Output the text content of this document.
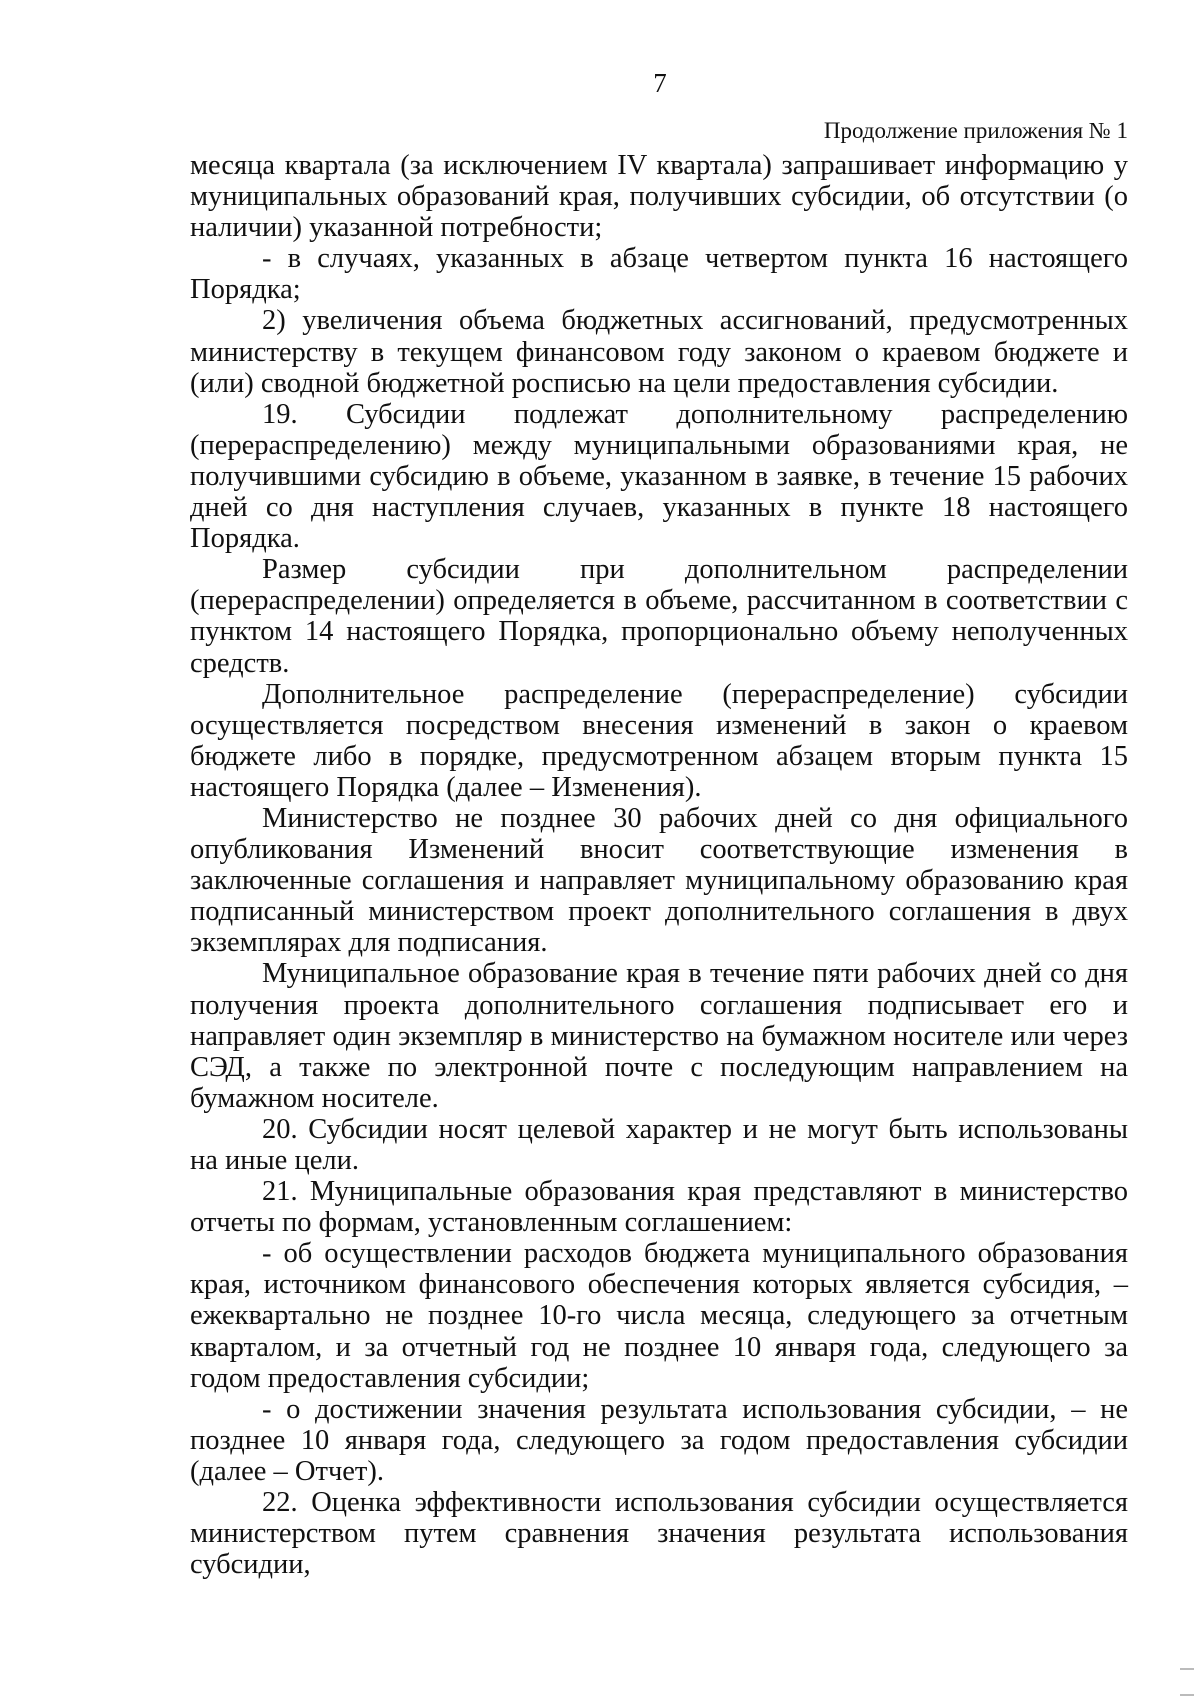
7
Продолжение приложения № 1

месяца квартала (за исключением IV квартала) запрашивает информацию у муниципальных образований края, получивших субсидии, об отсутствии (о наличии) указанной потребности;

- в случаях, указанных в абзаце четвертом пункта 16 настоящего Порядка;

2) увеличения объема бюджетных ассигнований, предусмотренных министерству в текущем финансовом году законом о краевом бюджете и (или) сводной бюджетной росписью на цели предоставления субсидии.

19. Субсидии подлежат дополнительному распределению (перераспределению) между муниципальными образованиями края, не получившими субсидию в объеме, указанном в заявке, в течение 15 рабочих дней со дня наступления случаев, указанных в пункте 18 настоящего Порядка.

Размер субсидии при дополнительном распределении (перераспределении) определяется в объеме, рассчитанном в соответствии с пунктом 14 настоящего Порядка, пропорционально объему неполученных средств.

Дополнительное распределение (перераспределение) субсидии осуществляется посредством внесения изменений в закон о краевом бюджете либо в порядке, предусмотренном абзацем вторым пункта 15 настоящего Порядка (далее – Изменения).

Министерство не позднее 30 рабочих дней со дня официального опубликования Изменений вносит соответствующие изменения в заключенные соглашения и направляет муниципальному образованию края подписанный министерством проект дополнительного соглашения в двух экземплярах для подписания.

Муниципальное образование края в течение пяти рабочих дней со дня получения проекта дополнительного соглашения подписывает его и направляет один экземпляр в министерство на бумажном носителе или через СЭД, а также по электронной почте с последующим направлением на бумажном носителе.

20. Субсидии носят целевой характер и не могут быть использованы на иные цели.

21. Муниципальные образования края представляют в министерство отчеты по формам, установленным соглашением:

- об осуществлении расходов бюджета муниципального образования края, источником финансового обеспечения которых является субсидия, – ежеквартально не позднее 10-го числа месяца, следующего за отчетным кварталом, и за отчетный год не позднее 10 января года, следующего за годом предоставления субсидии;

- о достижении значения результата использования субсидии, – не позднее 10 января года, следующего за годом предоставления субсидии (далее – Отчет).

22. Оценка эффективности использования субсидии осуществляется министерством путем сравнения значения результата использования субсидии,
